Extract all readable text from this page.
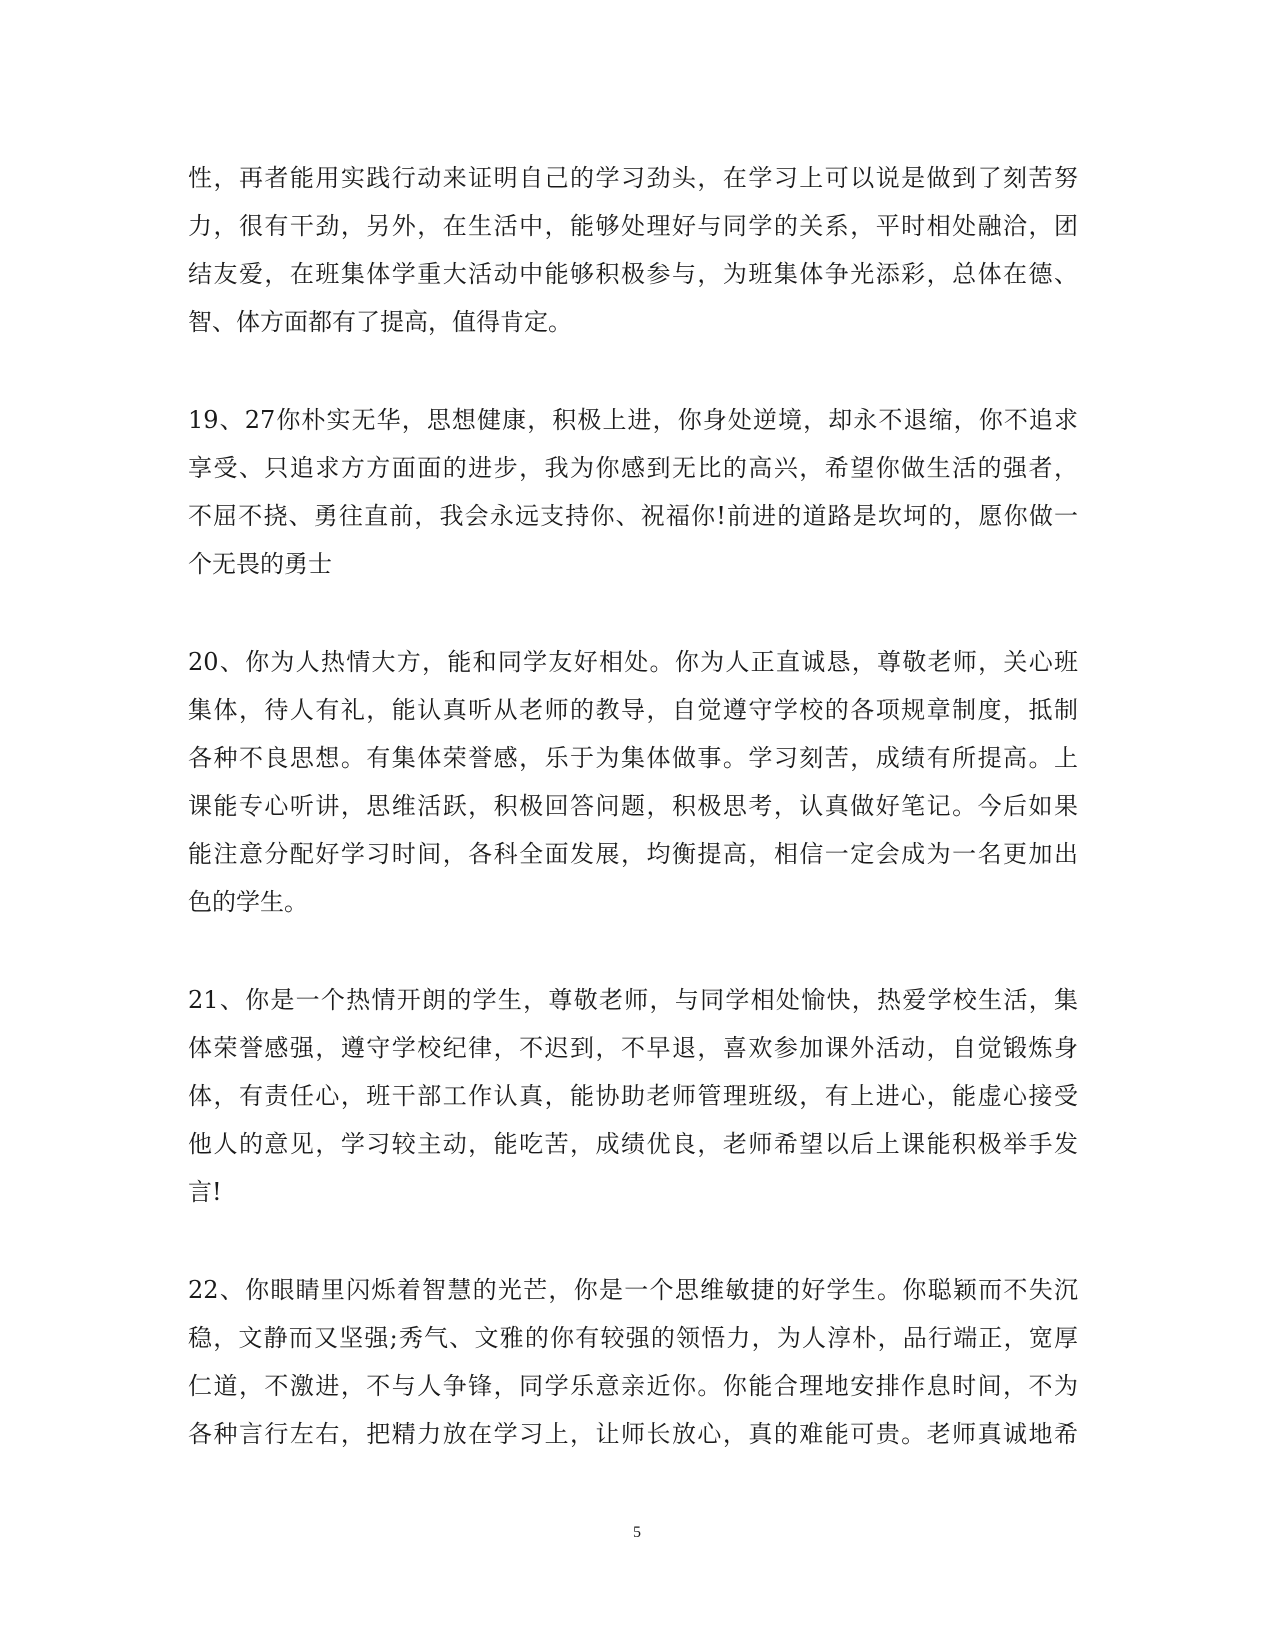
性，再者能用实践行动来证明自己的学习劲头，在学习上可以说是做到了刻苦努
力，很有干劲，另外，在生活中，能够处理好与同学的关系，平时相处融洽，团
结友爱，在班集体学重大活动中能够积极参与，为班集体争光添彩，总体在德、
智、体方面都有了提高，值得肯定。
19、27你朴实无华，思想健康，积极上进，你身处逆境，却永不退缩，你不追求
享受、只追求方方面面的进步，我为你感到无比的高兴，希望你做生活的强者，
不屈不挠、勇往直前，我会永远支持你、祝福你!前进的道路是坎坷的，愿你做一
个无畏的勇士
20、你为人热情大方，能和同学友好相处。你为人正直诚恳，尊敬老师，关心班
集体，待人有礼，能认真听从老师的教导，自觉遵守学校的各项规章制度，抵制
各种不良思想。有集体荣誉感，乐于为集体做事。学习刻苦，成绩有所提高。上
课能专心听讲，思维活跃，积极回答问题，积极思考，认真做好笔记。今后如果
能注意分配好学习时间，各科全面发展，均衡提高，相信一定会成为一名更加出
色的学生。
21、你是一个热情开朗的学生，尊敬老师，与同学相处愉快，热爱学校生活，集
体荣誉感强，遵守学校纪律，不迟到，不早退，喜欢参加课外活动，自觉锻炼身
体，有责任心，班干部工作认真，能协助老师管理班级，有上进心，能虚心接受
他人的意见，学习较主动，能吃苦，成绩优良，老师希望以后上课能积极举手发
言!
22、你眼睛里闪烁着智慧的光芒，你是一个思维敏捷的好学生。你聪颖而不失沉
稳，文静而又坚强;秀气、文雅的你有较强的领悟力，为人淳朴，品行端正，宽厚
仁道，不激进，不与人争锋，同学乐意亲近你。你能合理地安排作息时间，不为
各种言行左右，把精力放在学习上，让师长放心，真的难能可贵。老师真诚地希
5
